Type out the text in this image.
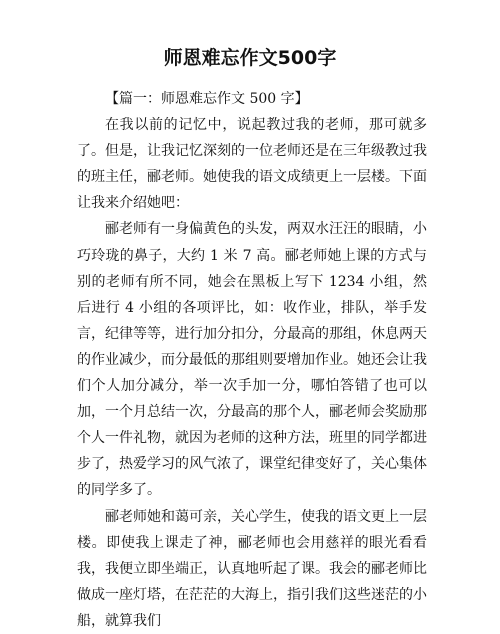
师恩难忘作文500字

【篇一：师恩难忘作文 500 字】

在我以前的记忆中，说起教过我的老师，那可就多了。但是，让我记忆深刻的一位老师还是在三年级教过我的班主任，郦老师。她使我的语文成绩更上一层楼。下面让我来介绍她吧：

郦老师有一身偏黄色的头发，两双水汪汪的眼睛，小巧玲珑的鼻子，大约 1 米 7 高。郦老师她上课的方式与别的老师有所不同，她会在黑板上写下 1234 小组，然后进行 4 小组的各项评比，如：收作业，排队，举手发言，纪律等等，进行加分扣分，分最高的那组，休息两天的作业减少，而分最低的那组则要增加作业。她还会让我们个人加分减分，举一次手加一分，哪怕答错了也可以加，一个月总结一次，分最高的那个人，郦老师会奖励那个人一件礼物，就因为老师的这种方法，班里的同学都进步了，热爱学习的风气浓了，课堂纪律变好了，关心集体的同学多了。

郦老师她和蔼可亲，关心学生，使我的语文更上一层楼。即使我上课走了神，郦老师也会用慈祥的眼光看看我，我便立即坐端正，认真地听起了课。我会的郦老师比做成一座灯塔，在茫茫的大海上，指引我们这些迷茫的小船，就算我们
